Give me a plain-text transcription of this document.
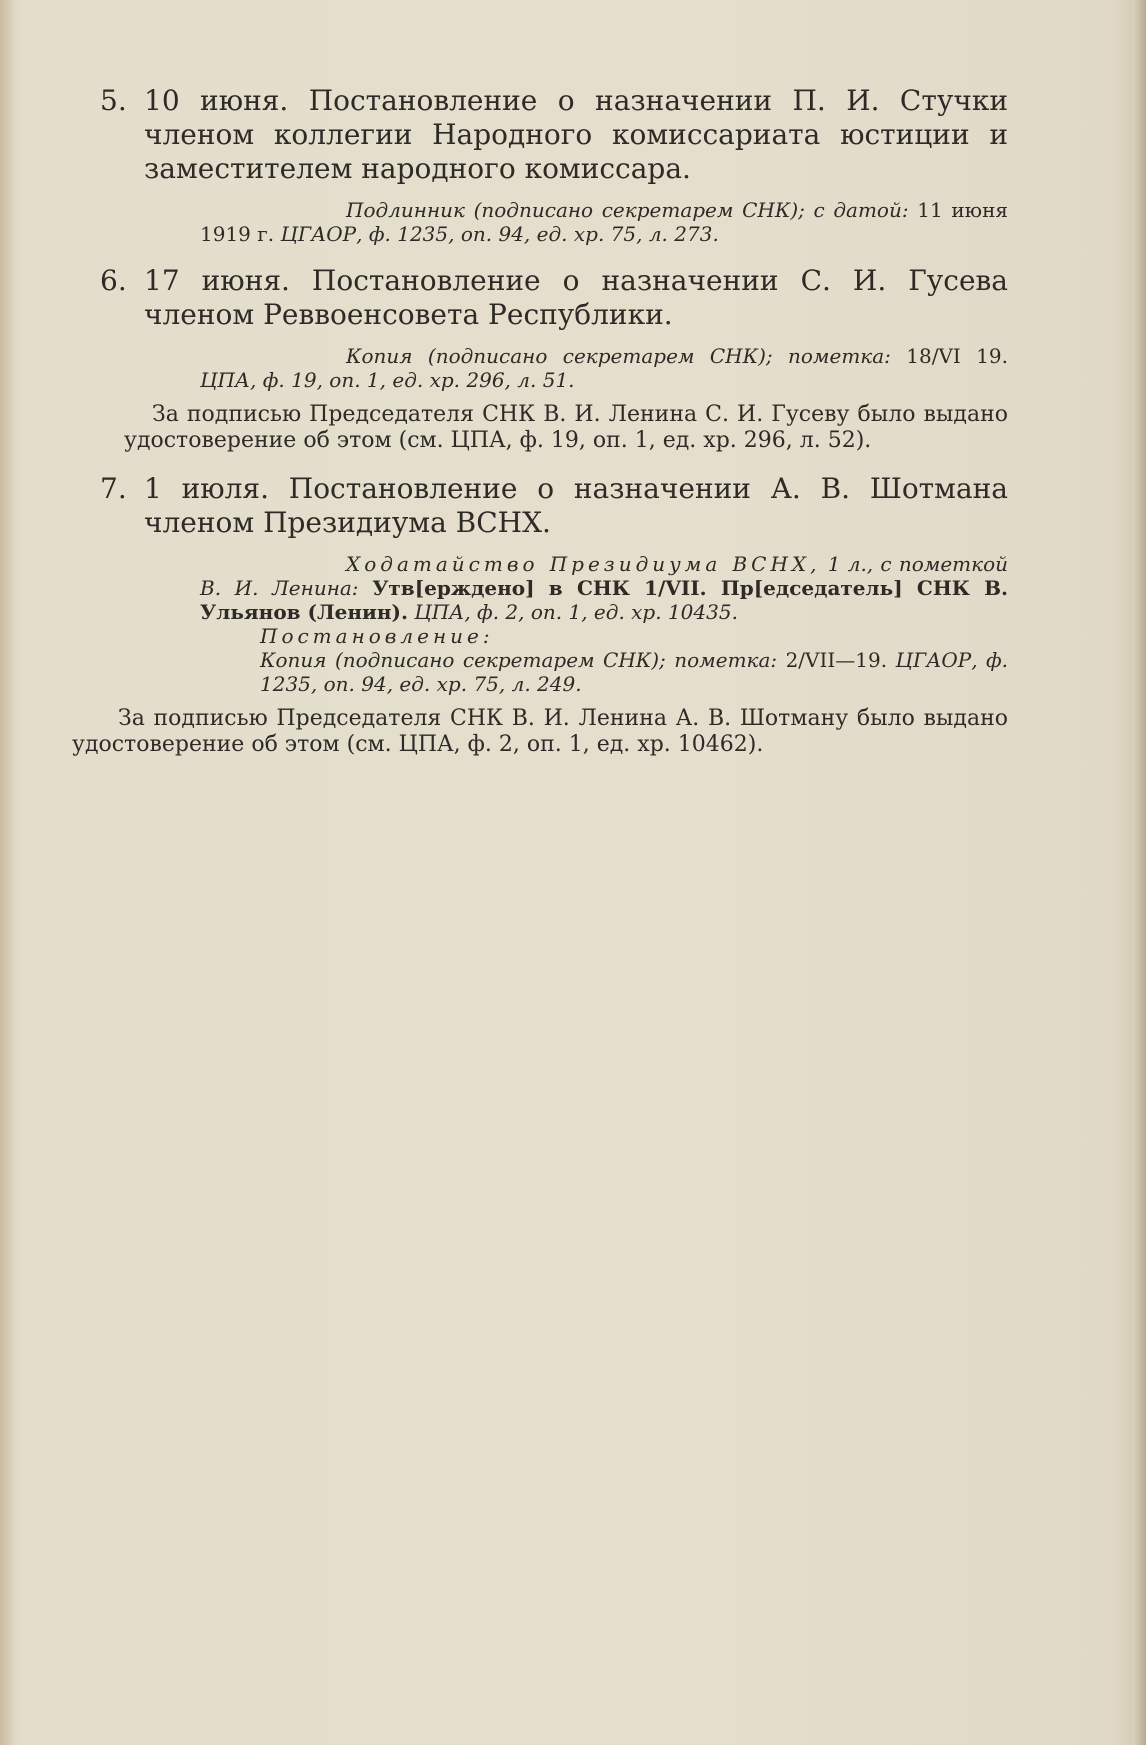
5. 10 июня. Постановление о назначении П. И. Стучки членом коллегии Народного комиссариата юстиции и заместителем народного комиссара.
Подлинник (подписано секретарем СНК); с датой: 11 июня 1919 г. ЦГАОР, ф. 1235, оп. 94, ед. хр. 75, л. 273.
6. 17 июня. Постановление о назначении С. И. Гусева членом Реввоенсовета Республики.
Копия (подписано секретарем СНК); пометка: 18/VI 19. ЦПА, ф. 19, оп. 1, ед. хр. 296, л. 51.
За подписью Председателя СНК В. И. Ленина С. И. Гусеву было выдано удостоверение об этом (см. ЦПА, ф. 19, оп. 1, ед. хр. 296, л. 52).
7. 1 июля. Постановление о назначении А. В. Шотмана членом Президиума ВСНХ.
Ходатайство Президиума ВСНХ, 1 л., с пометкой В. И. Ленина: Утв[ерждено] в СНК 1/VII. Пр[едседатель] СНК В. Ульянов (Ленин). ЦПА, ф. 2, оп. 1, ед. хр. 10435.
Постановление:
Копия (подписано секретарем СНК); пометка: 2/VII—19. ЦГАОР, ф. 1235, оп. 94, ед. хр. 75, л. 249.
За подписью Председателя СНК В. И. Ленина А. В. Шотману было выдано удостоверение об этом (см. ЦПА, ф. 2, оп. 1, ед. хр. 10462).
